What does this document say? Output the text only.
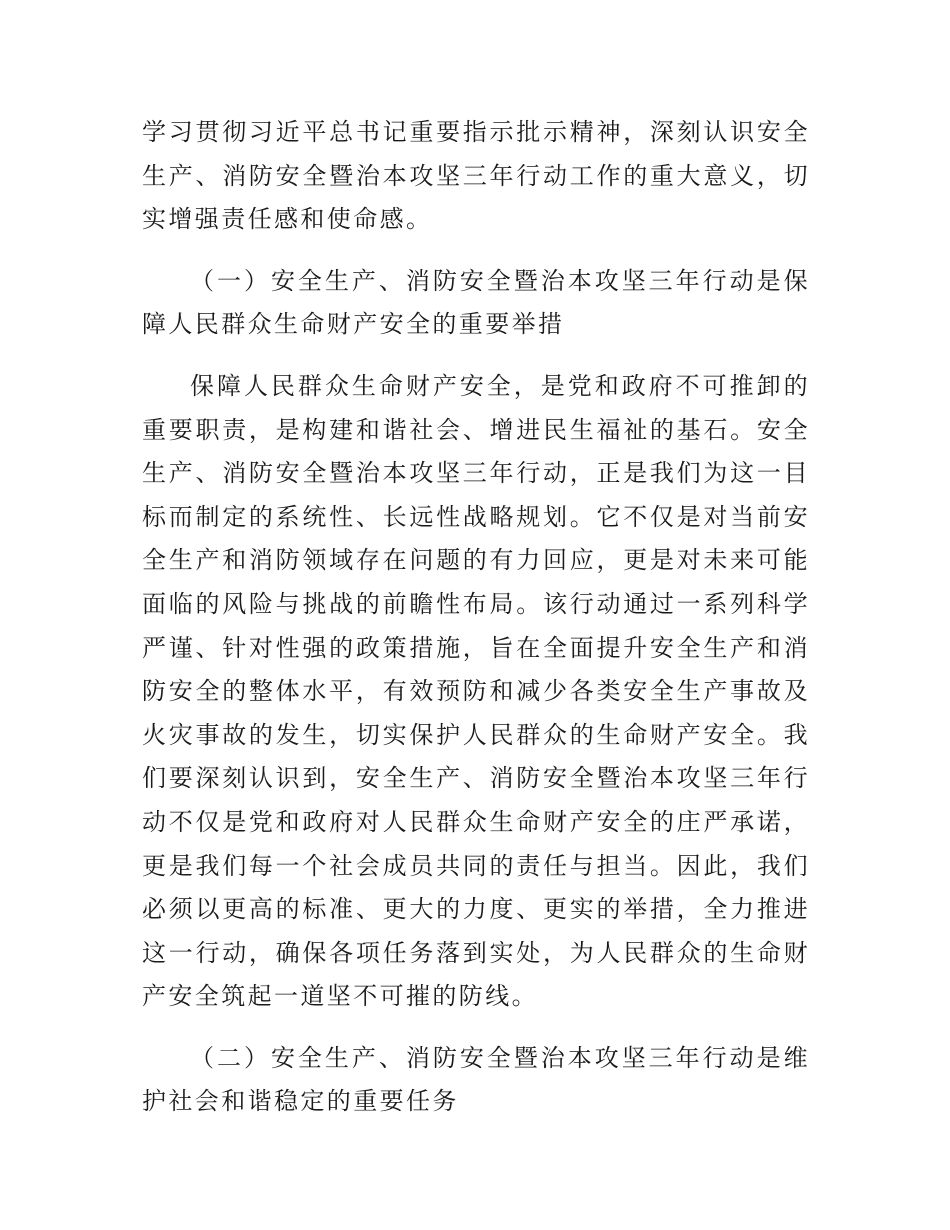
学习贯彻习近平总书记重要指示批示精神，深刻认识安全生产、消防安全暨治本攻坚三年行动工作的重大意义，切实增强责任感和使命感。

（一）安全生产、消防安全暨治本攻坚三年行动是保障人民群众生命财产安全的重要举措

保障人民群众生命财产安全，是党和政府不可推卸的重要职责，是构建和谐社会、增进民生福祉的基石。安全生产、消防安全暨治本攻坚三年行动，正是我们为这一目标而制定的系统性、长远性战略规划。它不仅是对当前安全生产和消防领域存在问题的有力回应，更是对未来可能面临的风险与挑战的前瞻性布局。该行动通过一系列科学严谨、针对性强的政策措施，旨在全面提升安全生产和消防安全的整体水平，有效预防和减少各类安全生产事故及火灾事故的发生，切实保护人民群众的生命财产安全。我们要深刻认识到，安全生产、消防安全暨治本攻坚三年行动不仅是党和政府对人民群众生命财产安全的庄严承诺，更是我们每一个社会成员共同的责任与担当。因此，我们必须以更高的标准、更大的力度、更实的举措，全力推进这一行动，确保各项任务落到实处，为人民群众的生命财产安全筑起一道坚不可摧的防线。

（二）安全生产、消防安全暨治本攻坚三年行动是维护社会和谐稳定的重要任务
